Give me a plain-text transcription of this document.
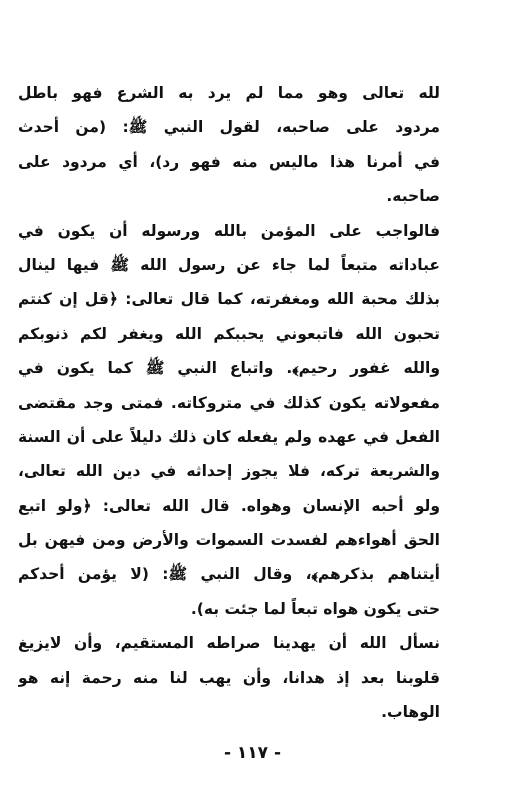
لله تعالى وهو مما لم يرد به الشرع فهو باطل
مردود على صاحبه، لقول النبي ﷺ: (من أحدث
في أمرنا هذا ماليس منه فهو رد)، أي مردود على
صاحبه.
فالواجب على المؤمن بالله ورسوله أن يكون في
عباداته متبعاً لما جاء عن رسول الله ﷺ فيها لينال
بذلك محبة الله ومغفرته، كما قال تعالى: ﴿قل إن كنتم
تحبون الله فاتبعوني يحببكم الله ويغفر لكم ذنوبكم
والله غفور رحيم﴾. واتباع النبي ﷺ كما يكون في
مفعولاته يكون كذلك في متروكاته. فمتى وجد مقتضى
الفعل في عهده ولم يفعله كان ذلك دليلاً على أن السنة
والشريعة تركه، فلا يجوز إحداثه في دين الله تعالى،
ولو أحبه الإنسان وهواه. قال الله تعالى: ﴿ولو اتبع
الحق أهواءهم لفسدت السموات والأرض ومن فيهن بل
أيتناهم بذكرهم﴾، وقال النبي ﷺ: (لا يؤمن أحدكم
حتى يكون هواه تبعاً لما جئت به).
نسأل الله أن يهدينا صراطه المستقيم، وأن لايزيغ
قلوبنا بعد إذ هدانا، وأن يهب لنا منه رحمة إنه هو
الوهاب.
- ١١٧ -
